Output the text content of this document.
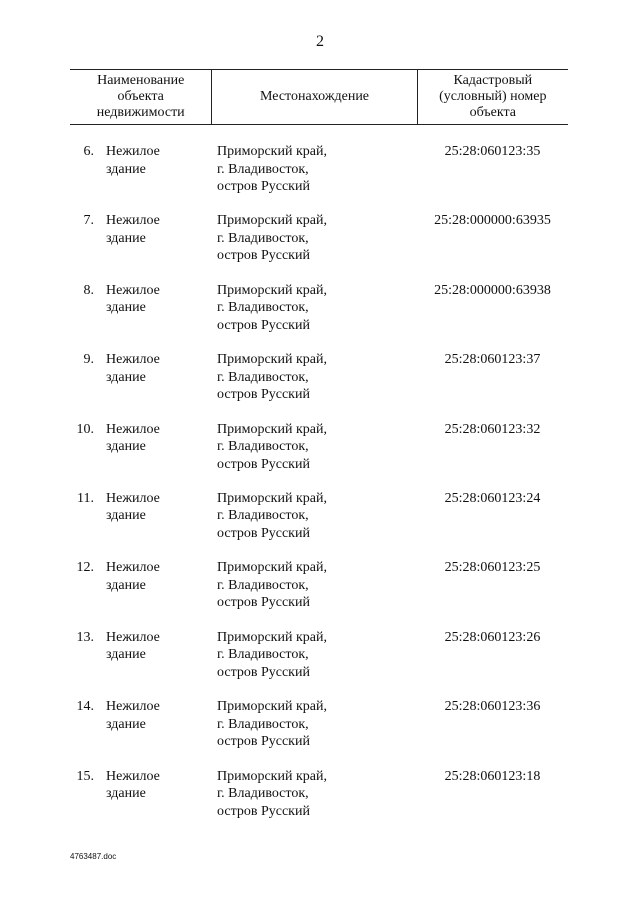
2
Наименование
объекта
недвижимости
Местонахождение
Кадастровый
(условный) номер
объекта
6. Нежилое
здание
Приморский край,
г. Владивосток,
остров Русский
25:28:060123:35
7. Нежилое
здание
Приморский край,
г. Владивосток,
остров Русский
25:28:000000:63935
8. Нежилое
здание
Приморский край,
г. Владивосток,
остров Русский
25:28:000000:63938
9. Нежилое
здание
Приморский край,
г. Владивосток,
остров Русский
25:28:060123:37
10. Нежилое
здание
Приморский край,
г. Владивосток,
остров Русский
25:28:060123:32
11. Нежилое
здание
Приморский край,
г. Владивосток,
остров Русский
25:28:060123:24
12. Нежилое
здание
Приморский край,
г. Владивосток,
остров Русский
25:28:060123:25
13. Нежилое
здание
Приморский край,
г. Владивосток,
остров Русский
25:28:060123:26
14. Нежилое
здание
Приморский край,
г. Владивосток,
остров Русский
25:28:060123:36
15. Нежилое
здание
Приморский край,
г. Владивосток,
остров Русский
25:28:060123:18
4763487.doc
